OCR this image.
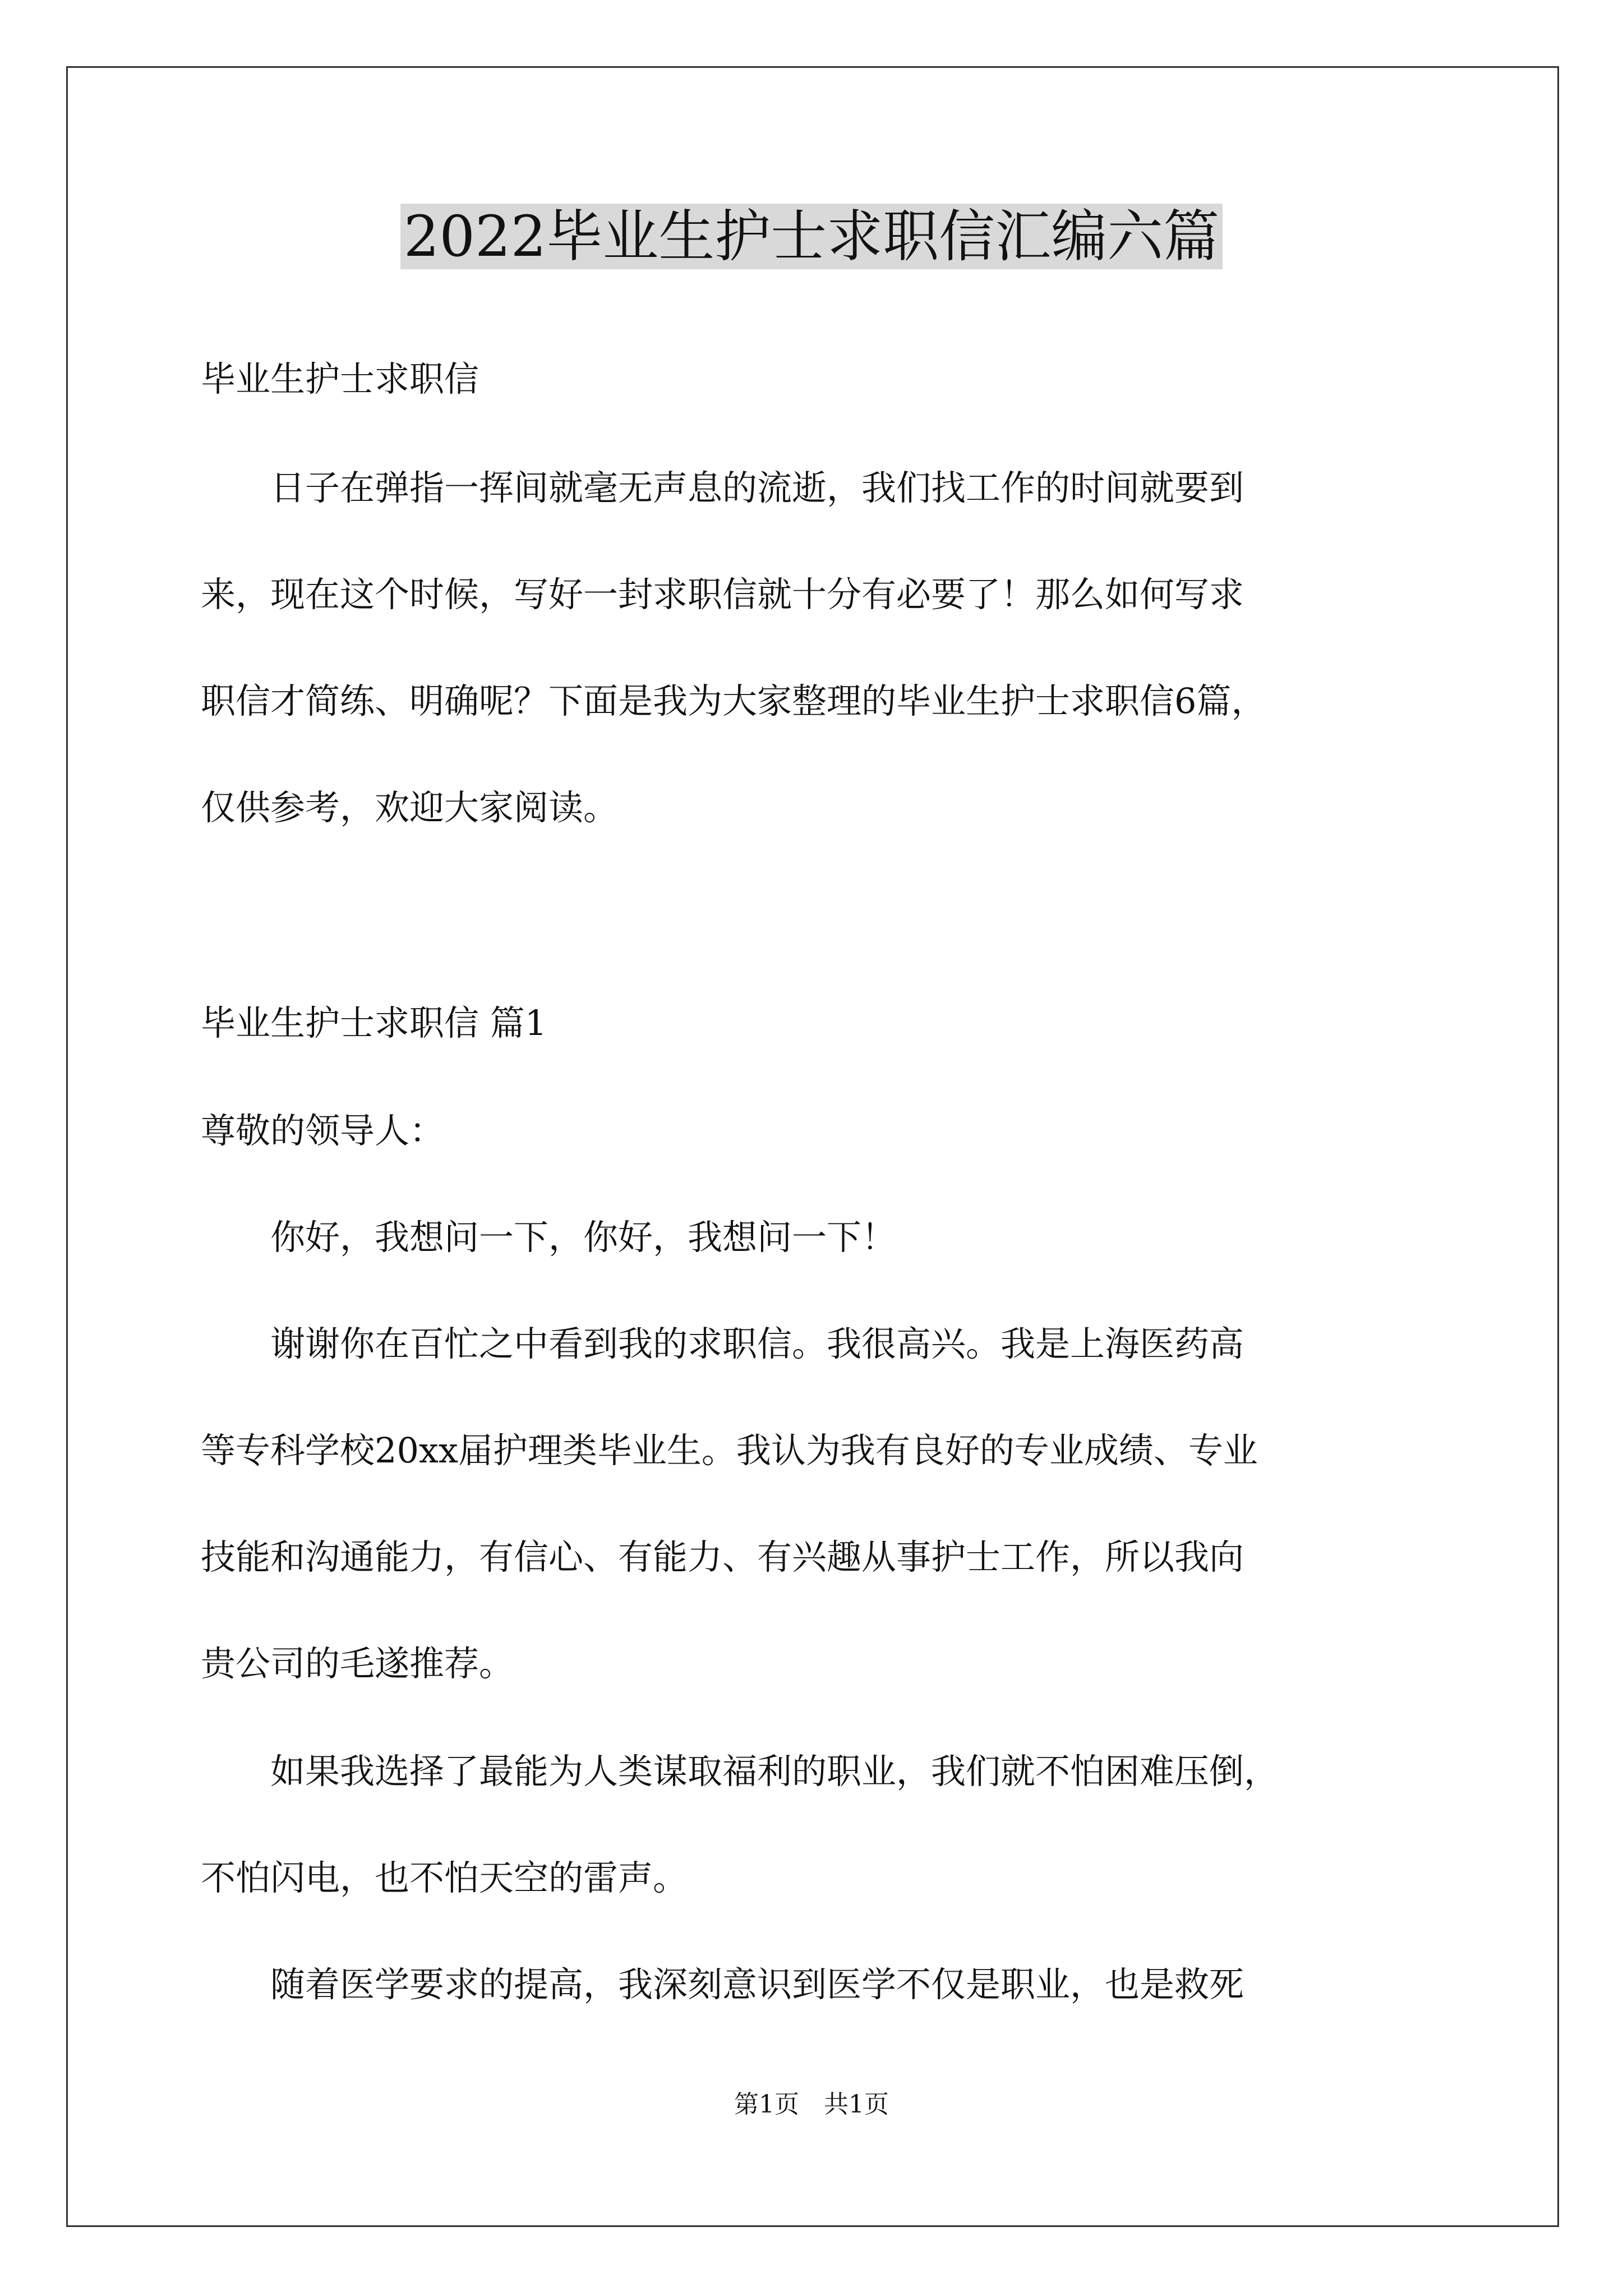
2022毕业生护士求职信汇编六篇
毕业生护士求职信
　　日子在弹指一挥间就毫无声息的流逝，我们找工作的时间就要到
来，现在这个时候，写好一封求职信就十分有必要了！那么如何写求
职信才简练、明确呢？下面是我为大家整理的毕业生护士求职信6篇，
仅供参考，欢迎大家阅读。
毕业生护士求职信 篇1
尊敬的领导人：
　　你好，我想问一下，你好，我想问一下！
　　谢谢你在百忙之中看到我的求职信。我很高兴。我是上海医药高
等专科学校20xx届护理类毕业生。我认为我有良好的专业成绩、专业
技能和沟通能力，有信心、有能力、有兴趣从事护士工作，所以我向
贵公司的毛遂推荐。
　　如果我选择了最能为人类谋取福利的职业，我们就不怕困难压倒，
不怕闪电，也不怕天空的雷声。
　　随着医学要求的提高，我深刻意识到医学不仅是职业，也是救死
第1页　共1页
